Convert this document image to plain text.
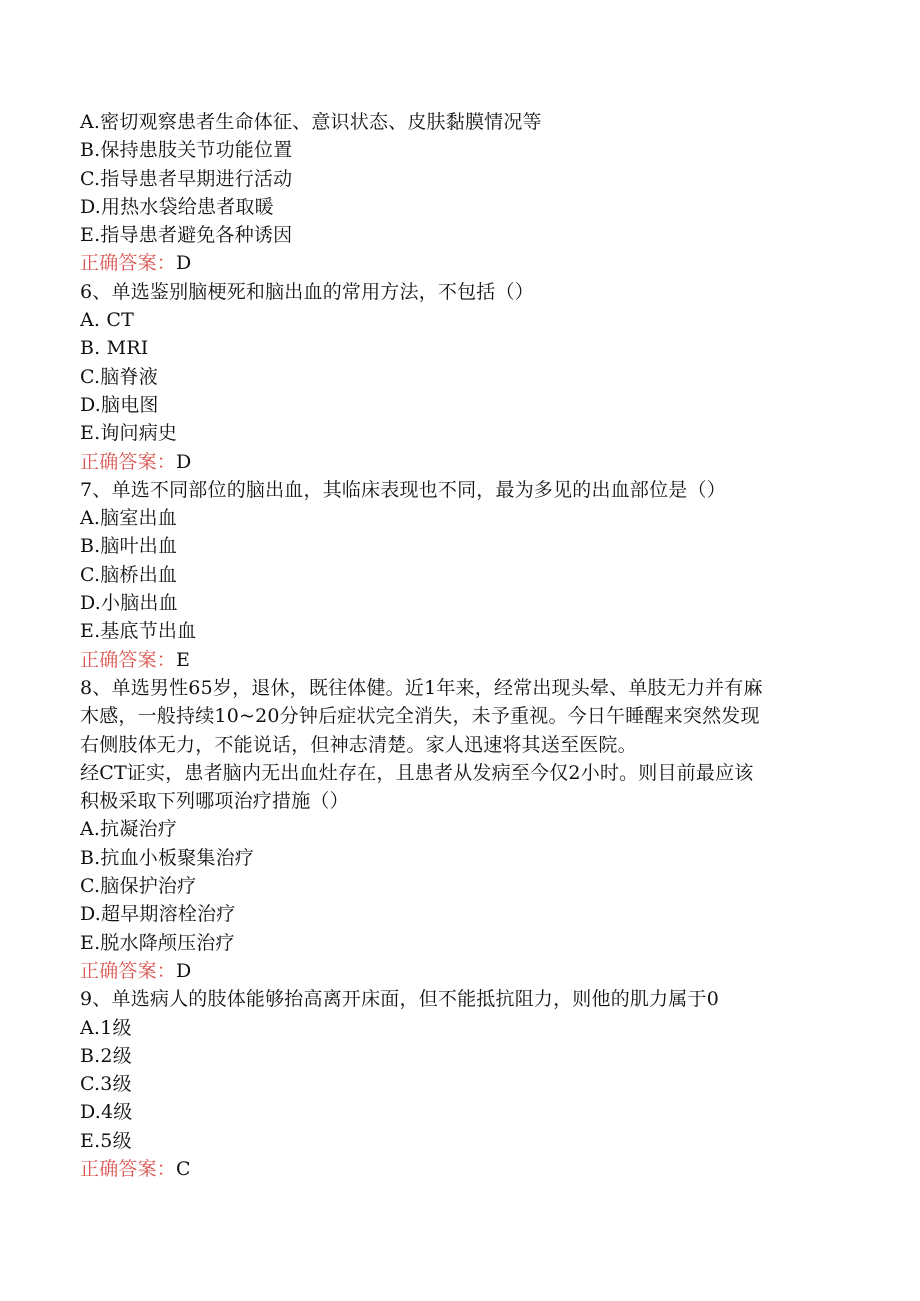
A.密切观察患者生命体征、意识状态、皮肤黏膜情况等
B.保持患肢关节功能位置
C.指导患者早期进行活动
D.用热水袋给患者取暖
E.指导患者避免各种诱因
正确答案：D
6、单选鉴别脑梗死和脑出血的常用方法，不包括（）
A. CT
B. MRI
C.脑脊液
D.脑电图
E.询问病史
正确答案：D
7、单选不同部位的脑出血，其临床表现也不同，最为多见的出血部位是（）
A.脑室出血
B.脑叶出血
C.脑桥出血
D.小脑出血
E.基底节出血
正确答案：E
8、单选男性65岁，退休，既往体健。近1年来，经常出现头晕、单肢无力并有麻
木感，一般持续10~20分钟后症状完全消失，未予重视。今日午睡醒来突然发现
右侧肢体无力，不能说话，但神志清楚。家人迅速将其送至医院。
经CT证实，患者脑内无出血灶存在，且患者从发病至今仅2小时。则目前最应该
积极采取下列哪项治疗措施（）
A.抗凝治疗
B.抗血小板聚集治疗
C.脑保护治疗
D.超早期溶栓治疗
E.脱水降颅压治疗
正确答案：D
9、单选病人的肢体能够抬高离开床面，但不能抵抗阻力，则他的肌力属于0
A.1级
B.2级
C.3级
D.4级
E.5级
正确答案：C
